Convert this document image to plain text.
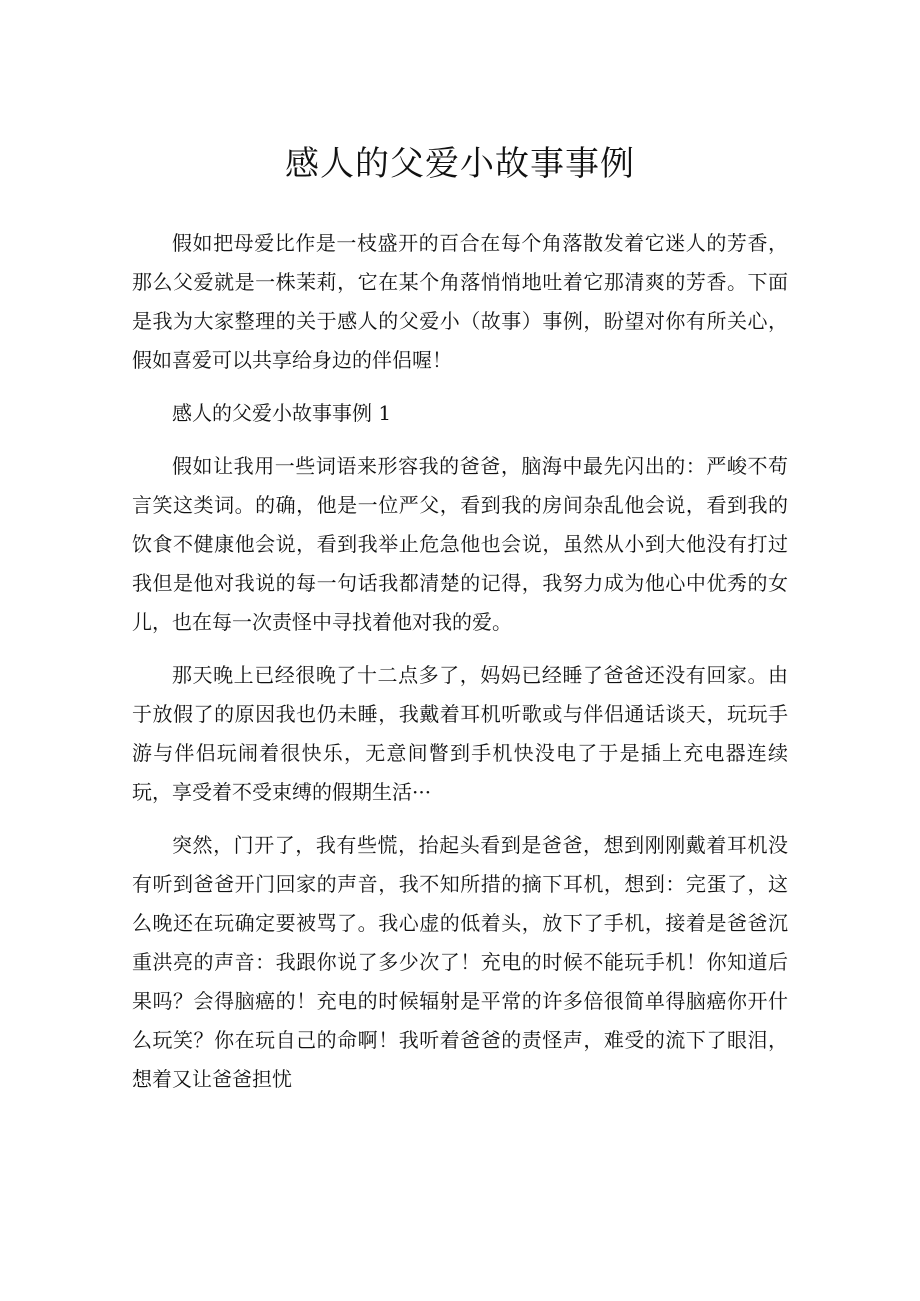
感人的父爱小故事事例

假如把母爱比作是一枝盛开的百合在每个角落散发着它迷人的芳香，那么父爱就是一株茉莉，它在某个角落悄悄地吐着它那清爽的芳香。下面是我为大家整理的关于感人的父爱小（故事）事例，盼望对你有所关心，假如喜爱可以共享给身边的伴侣喔！

感人的父爱小故事事例 1

假如让我用一些词语来形容我的爸爸，脑海中最先闪出的：严峻不苟言笑这类词。的确，他是一位严父，看到我的房间杂乱他会说，看到我的饮食不健康他会说，看到我举止危急他也会说，虽然从小到大他没有打过我但是他对我说的每一句话我都清楚的记得，我努力成为他心中优秀的女儿，也在每一次责怪中寻找着他对我的爱。

那天晚上已经很晚了十二点多了，妈妈已经睡了爸爸还没有回家。由于放假了的原因我也仍未睡，我戴着耳机听歌或与伴侣通话谈天，玩玩手游与伴侣玩闹着很快乐，无意间瞥到手机快没电了于是插上充电器连续玩，享受着不受束缚的假期生活···

突然，门开了，我有些慌，抬起头看到是爸爸，想到刚刚戴着耳机没有听到爸爸开门回家的声音，我不知所措的摘下耳机，想到：完蛋了，这么晚还在玩确定要被骂了。我心虚的低着头，放下了手机，接着是爸爸沉重洪亮的声音：我跟你说了多少次了！充电的时候不能玩手机！你知道后果吗？会得脑癌的！充电的时候辐射是平常的许多倍很简单得脑癌你开什么玩笑？你在玩自己的命啊！我听着爸爸的责怪声，难受的流下了眼泪，想着又让爸爸担忧
